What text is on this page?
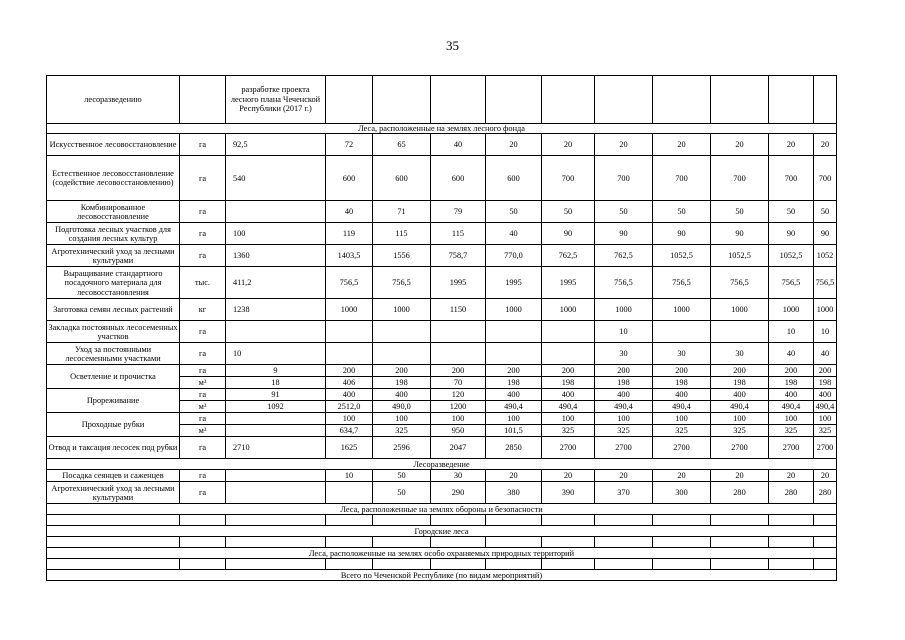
35
лесоразведению		разработке проекта лесного плана Чеченской Республики (2017 г.)										
Леса, расположенные на землях лесного фонда												
Искусственное лесовосстановление	га	92,5	72	65	40	20	20	20	20	20	20	20
Естественное лесовосстановление (содействие лесовосстановлению)	га	540	600	600	600	600	700	700	700	700	700	700
Комбинированное лесовосстановление	га		40	71	79	50	50	50	50	50	50	50
Подготовка лесных участков для создания лесных культур	га	100	119	115	115	40	90	90	90	90	90	90
Агротехнический уход за лесными культурами	га	1360	1403,5	1556	758,7	770,0	762,5	762,5	1052,5	1052,5	1052,5	1052
Выращивание стандартного посадочного материала для лесовосстановления	тыс.	411,2	756,5	756,5	1995	1995	1995	756,5	756,5	756,5	756,5	756,5
Заготовка семян лесных растений	кг	1238	1000	1000	1150	1000	1000	1000	1000	1000	1000	1000
Закладка постоянных лесосеменных участков	га							10			10	10
Уход за постоянными лесосеменными участками	га	10						30	30	30	40	40
Осветление и прочистка	га	9	200	200	200	200	200	200	200	200	200	200
	м³	18	406	198	70	198	198	198	198	198	198	198
Прореживание	га	91	400	400	120	400	400	400	400	400	400	400
	м³	1092	2512,0	490,0	1200	490,4	490,4	490,4	490,4	490,4	490,4	490,4
Проходные рубки	га		100	100	100	100	100	100	100	100	100	100
	м³		634,7	325	950	101,5	325	325	325	325	325	325
Отвод и таксация лесосек под рубки	га	2710	1625	2596	2047	2850	2700	2700	2700	2700	2700	2700
Лесоразведение												
Посадка сеянцев и саженцев	га		10	50	30	20	20	20	20	20	20	20
Агротехнический уход за лесными культурами	га			50	290	380	390	370	300	280	280	280
Леса, расположенные на землях обороны и безопасности												

Городские леса												

Леса, расположенные на землях особо охраняемых природных территорий												

Всего по Чеченской Республике (по видам мероприятий)												
